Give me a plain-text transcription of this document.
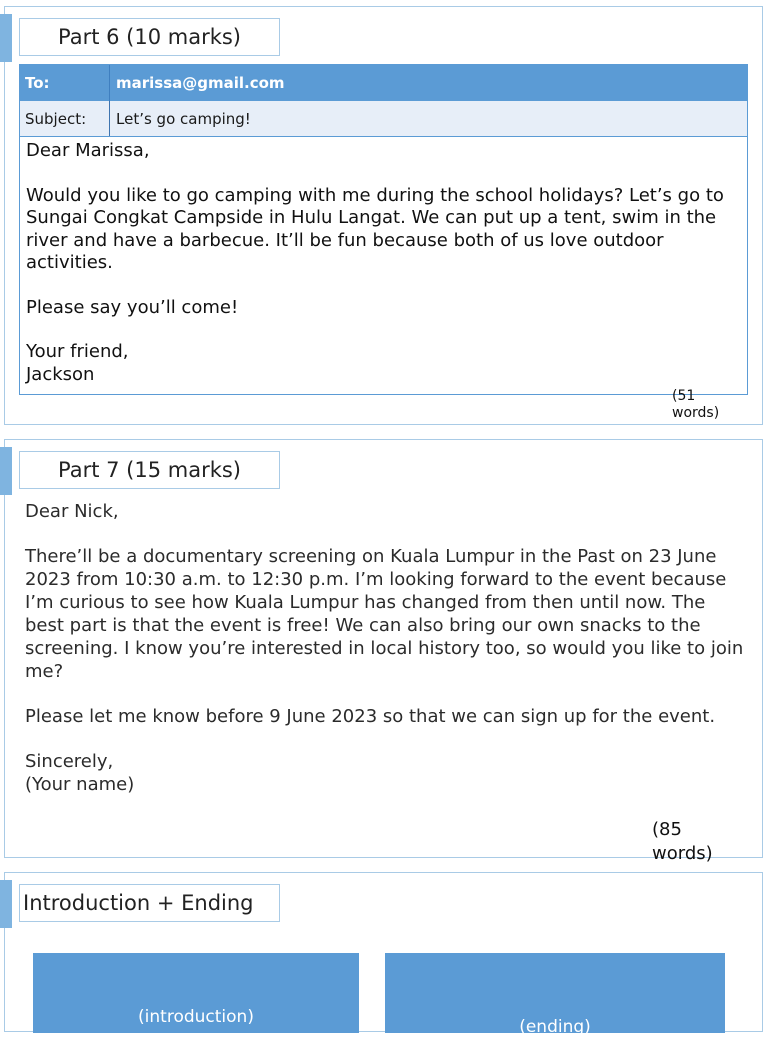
Part 6 (10 marks)
To:	marissa@gmail.com
Subject:	Let’s go camping!

Dear Marissa,

Would you like to go camping with me during the school holidays? Let’s go to Sungai Congkat Campside in Hulu Langat. We can put up a tent, swim in the river and have a barbecue. It’ll be fun because both of us love outdoor activities.

Please say you’ll come!

Your friend,
Jackson
(51
words)
Part 7 (15 marks)

Dear Nick,

There’ll be a documentary screening on Kuala Lumpur in the Past on 23 June 2023 from 10:30 a.m. to 12:30 p.m. I’m looking forward to the event because I’m curious to see how Kuala Lumpur has changed from then until now. The best part is that the event is free! We can also bring our own snacks to the screening. I know you’re interested in local history too, so would you like to join me?

Please let me know before 9 June 2023 so that we can sign up for the event.

Sincerely,
(Your name)
(85
words)
Introduction + Ending
(introduction)	(ending)
